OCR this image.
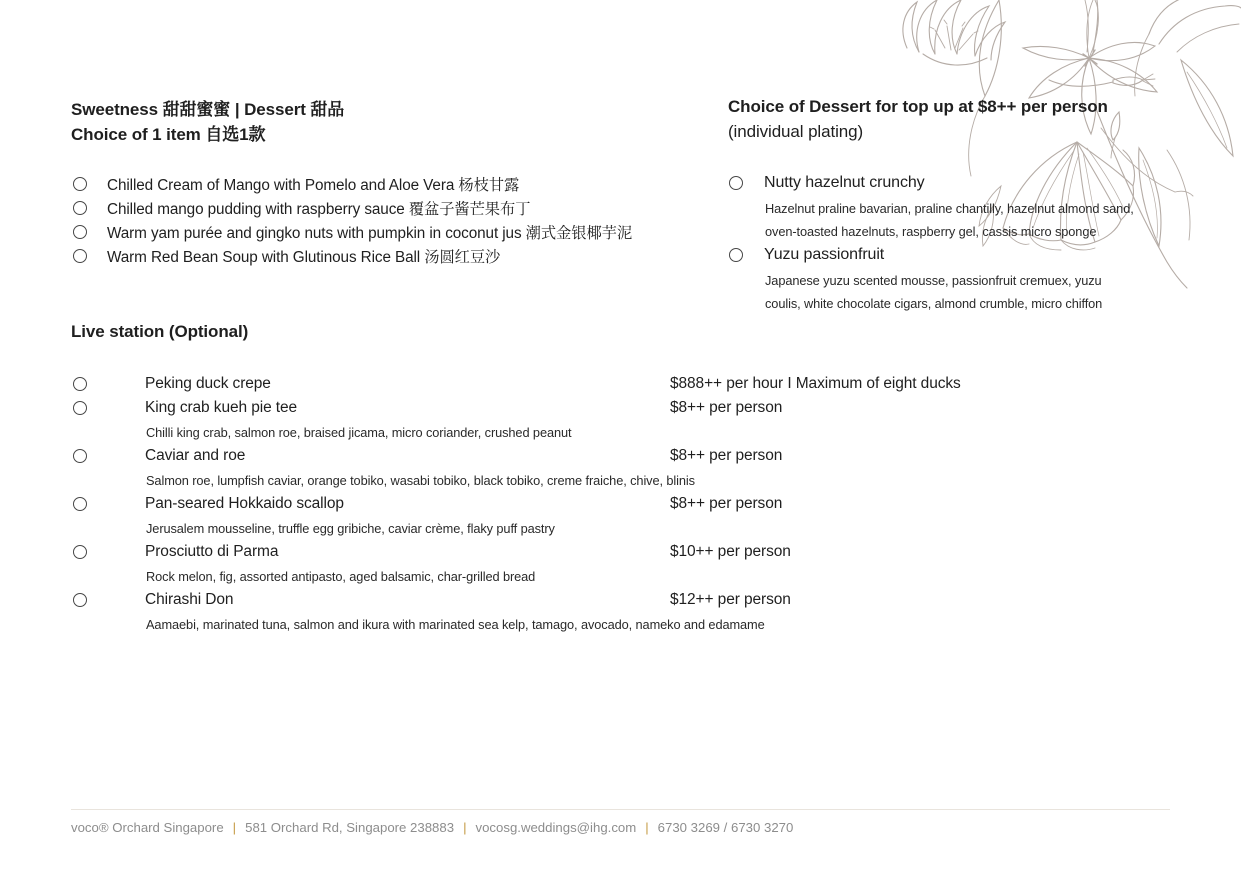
Sweetness 甜甜蜜蜜 | Dessert 甜品
Choice of 1 item 自选1款
Chilled Cream of Mango with Pomelo and Aloe Vera 杨枝甘露
Chilled mango pudding with raspberry sauce 覆盆子酱芒果布丁
Warm yam purée and gingko nuts with pumpkin in coconut jus 潮式金银椰芋泥
Warm Red Bean Soup with Glutinous Rice Ball 汤圆红豆沙
Choice of Dessert for top up at $8++ per person
(individual plating)
Nutty hazelnut crunchy
Hazelnut praline bavarian, praline chantilly, hazelnut almond sand,
oven-toasted hazelnuts, raspberry gel, cassis micro sponge
Yuzu passionfruit
Japanese yuzu scented mousse, passionfruit cremuex, yuzu
coulis, white chocolate cigars, almond crumble, micro chiffon
Live station (Optional)
Peking duck crepe	$888++ per hour I Maximum of eight ducks
King crab kueh pie tee	$8++ per person
Chilli king crab, salmon roe, braised jicama, micro coriander, crushed peanut
Caviar and roe	$8++ per person
Salmon roe, lumpfish caviar, orange tobiko, wasabi tobiko, black tobiko, creme fraiche, chive, blinis
Pan-seared Hokkaido scallop	$8++ per person
Jerusalem mousseline, truffle egg gribiche, caviar crème, flaky puff pastry
Prosciutto di Parma	$10++ per person
Rock melon, fig, assorted antipasto, aged balsamic, char-grilled bread
Chirashi Don	$12++ per person
Aamaebi, marinated tuna, salmon and ikura with marinated sea kelp, tamago, avocado, nameko and edamame
voco® Orchard Singapore | 581 Orchard Rd, Singapore 238883 | vocosg.weddings@ihg.com | 6730 3269 / 6730 3270
